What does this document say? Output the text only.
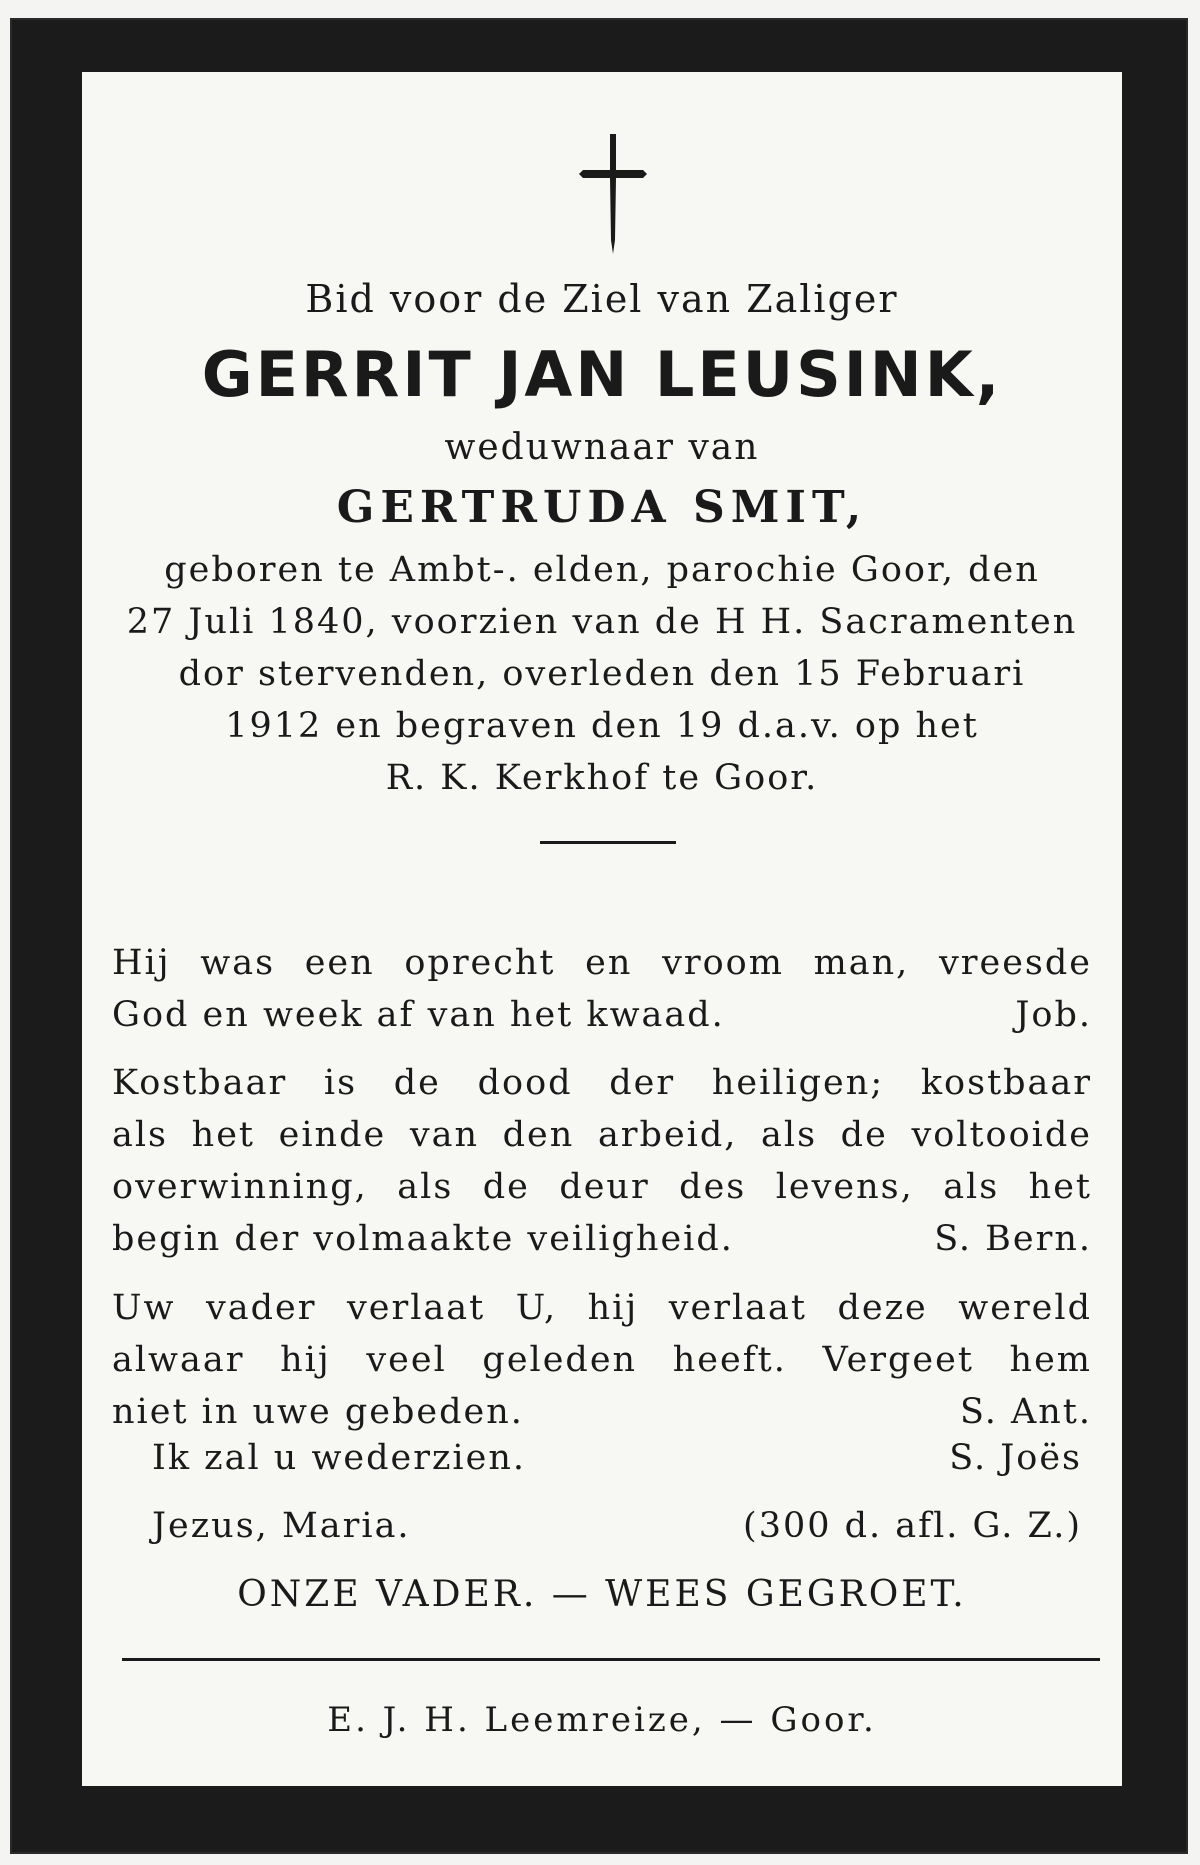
Bid voor de Ziel van Zaliger
GERRIT JAN LEUSINK,
weduwnaar van
GERTRUDA SMIT,
geboren te Ambt-. elden, parochie Goor, den
27 Juli 1840, voorzien van de H H. Sacramenten
dor stervenden, overleden den 15 Februari
1912 en begraven den 19 d.a.v. op het
R. K. Kerkhof te Goor.
Hij was een oprecht en vroom man, vreesde
God en week af van het kwaad.	Job.
Kostbaar is de dood der heiligen; kostbaar
als het einde van den arbeid, als de voltooide
overwinning, als de deur des levens, als het
begin der volmaakte veiligheid.	S. Bern.
Uw vader verlaat U, hij verlaat deze wereld
alwaar hij veel geleden heeft. Vergeet hem
niet in uwe gebeden.	S. Ant.
Ik zal u wederzien.	S. Joës
Jezus, Maria.	(300 d. afl. G. Z.)
ONZE VADER. — WEES GEGROET.
E. J. H. Leemreize, — Goor.
